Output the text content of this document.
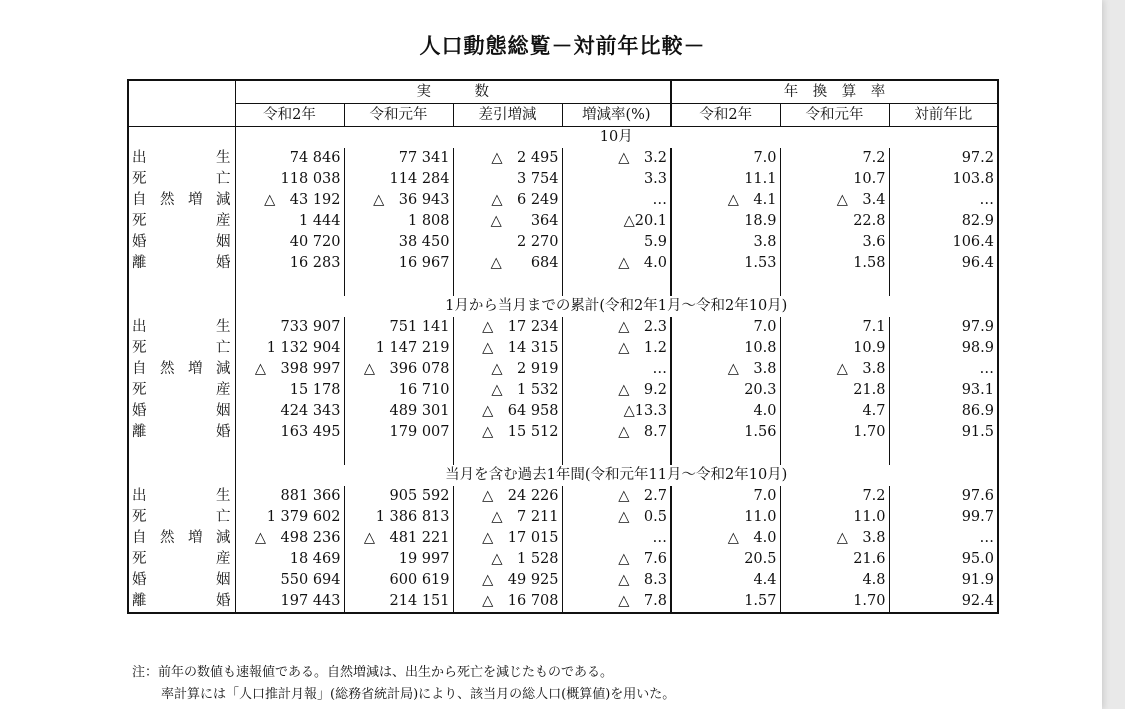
人口動態総覧－対前年比較－
	実　　　数				年　換　算　率		
	令和2年	令和元年	差引増減	増減率(%)	令和2年	令和元年	対前年比
	10月						

出 生	74 846	77 341	△　2 495	△　3.2	7.0	7.2	97.2

死 亡	118 038	114 284	3 754	3.3	11.1	10.7	103.8

自 然 増 減	△　43 192	△　36 943	△　6 249	…	△　4.1	△　3.4	…

死 産	1 444	1 808	△　　364	△20.1	18.9	22.8	82.9

婚 姻	40 720	38 450	2 270	5.9	3.8	3.6	106.4

離 婚	16 283	16 967	△　　684	△　4.0	1.53	1.58	96.4

	1月から当月までの累計(令和2年1月～令和2年10月)						

出 生	733 907	751 141	△　17 234	△　2.3	7.0	7.1	97.9

死 亡	1 132 904	1 147 219	△　14 315	△　1.2	10.8	10.9	98.9

自 然 増 減	△　398 997	△　396 078	△　2 919	…	△　3.8	△　3.8	…

死 産	15 178	16 710	△　1 532	△　9.2	20.3	21.8	93.1

婚 姻	424 343	489 301	△　64 958	△13.3	4.0	4.7	86.9

離 婚	163 495	179 007	△　15 512	△　8.7	1.56	1.70	91.5

	当月を含む過去1年間(令和元年11月～令和2年10月)						

出 生	881 366	905 592	△　24 226	△　2.7	7.0	7.2	97.6

死 亡	1 379 602	1 386 813	△　7 211	△　0.5	11.0	11.0	99.7

自 然 増 減	△　498 236	△　481 221	△　17 015	…	△　4.0	△　3.8	…

死 産	18 469	19 997	△　1 528	△　7.6	20.5	21.6	95.0

婚 姻	550 694	600 619	△　49 925	△　8.3	4.4	4.8	91.9

離 婚	197 443	214 151	△　16 708	△　7.8	1.57	1.70	92.4
注：前年の数値も速報値である。自然増減は、出生から死亡を減じたものである。
率計算には「人口推計月報」(総務省統計局)により、該当月の総人口(概算値)を用いた。
